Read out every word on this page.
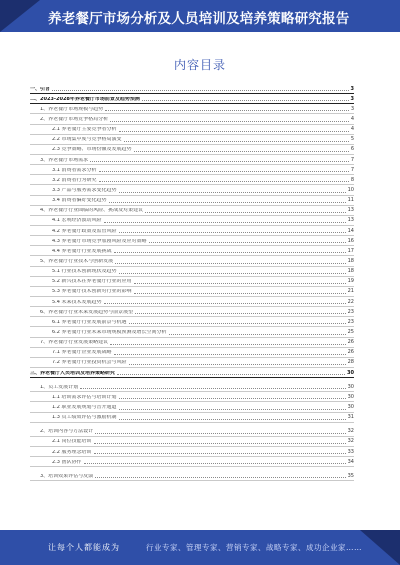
养老餐厅市场分析及人员培训及培养策略研究报告
内容目录
一、引言	3
二、2023-2028年养老餐厅市场前景及趋势预测	3
1、养老餐厅市场规模与趋势	3
2、养老餐厅市场竞争格局分析	4
2.1 养老餐厅主要竞争者分析	4
2.2 市场集中度与竞争格局演变	5
2.3 竞争策略、市场份额及发展趋势	6
3、养老餐厅市场需求	7
3.1 消费者需求分析	7
3.2 消费者行为研究	8
3.3 产品与服务需求变化趋势	10
3.4 消费者偏好变化趋势	11
4、养老餐厅行业面临的风险、挑战及对策建议	13
4.1 宏观经济波动风险	13
4.2 养老餐厅政策及监管风险	14
4.3 养老餐厅市场竞争加剧风险及应对策略	16
4.4 养老餐厅行业发展挑战	17
5、养老餐厅行业技术与创新发展	18
5.1 行业技术创新现状及趋势	18
5.2 新兴技术在养老餐厅行业的应用	19
5.3 养老餐厅技术创新对行业的影响	21
5.4 未来技术发展趋势	22
6、养老餐厅行业未来发展趋势与前景展望	23
6.1 养老餐厅行业发展前景与机遇	23
6.2 养老餐厅行业未来市场规模预测及增长空间分析	25
7、养老餐厅行业发展策略建议	26
7.1 养老餐厅企业发展战略	26
7.2 养老餐厅行业投资机会与风险	28
三、养老餐厅人员培训及培养策略研究	30
1、员工发展计划	30
1.1 培训需求评估与培训计划	30
1.2 职业发展规划与晋升通道	30
1.3 员工绩效评估与激励机制	31
2、培训内容与方法设计	32
2.1 岗位技能培训	32
2.2 服务理念培训	33
2.3 团队协作	34
3、培训效果评估与反馈	35
让每个人都能成为	行业专家、管理专家、营销专家、战略专家、成功企业家……
